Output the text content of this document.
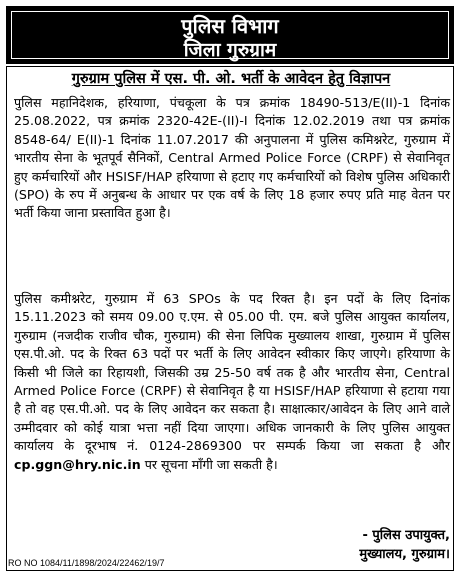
पुलिस विभाग
जिला गुरुग्राम
गुरुग्राम पुलिस में एस. पी. ओ. भर्ती के आवेदन हेतु विज्ञापन

पुलिस महानिदेशक, हरियाणा, पंचकूला के पत्र क्रमांक 18490-513/E(II)-1 दिनांक 25.08.2022, पत्र क्रमांक 2320-42E-(II)-I दिनांक 12.02.2019 तथा पत्र क्रमांक 8548-64/ E(II)-1 दिनांक 11.07.2017 की अनुपालना में पुलिस कमिश्नरेट, गुरुग्राम में भारतीय सेना के भूतपूर्व सैनिकों, Central Armed Police Force (CRPF) से सेवानिवृत हुए कर्मचारियों और HSISF/HAP हरियाणा से हटाए गए कर्मचारियों को विशेष पुलिस अधिकारी (SPO) के रुप में अनुबन्ध के आधार पर एक वर्ष के लिए 18 हजार रुपए प्रति माह वेतन पर भर्ती किया जाना प्रस्तावित हुआ है।

पुलिस कमीश्नरेट, गुरुग्राम में 63 SPOs के पद रिक्त है। इन पदों के लिए दिनांक 15.11.2023 को समय 09.00 ए.एम. से 05.00 पी. एम. बजे पुलिस आयुक्त कार्यालय, गुरुग्राम (नजदीक राजीव चौक, गुरुग्राम) की सेना लिपिक मुख्यालय शाखा, गुरुग्राम में पुलिस एस.पी.ओ. पद के रिक्त 63 पदों पर भर्ती के लिए आवेदन स्वीकार किए जाएगे। हरियाणा के किसी भी जिले का रिहायशी, जिसकी उम्र 25-50 वर्ष तक है और भारतीय सेना, Central Armed Police Force (CRPF) से सेवानिवृत है या HSISF/HAP हरियाणा से हटाया गया है तो वह एस.पी.ओ. पद के लिए आवेदन कर सकता है। साक्षात्कार/आवेदन के लिए आने वाले उम्मीदवार को कोई यात्रा भत्ता नहीं दिया जाएगा। अधिक जानकारी के लिए पुलिस आयुक्त कार्यालय के दूरभाष नं. 0124-2869300 पर सम्पर्क किया जा सकता है और cp.ggn@hry.nic.in पर सूचना माँगी जा सकती है।

- पुलिस उपायुक्त,
मुख्यालय, गुरुग्राम।
RO NO 1084/11/1898/2024/22462/19/7
